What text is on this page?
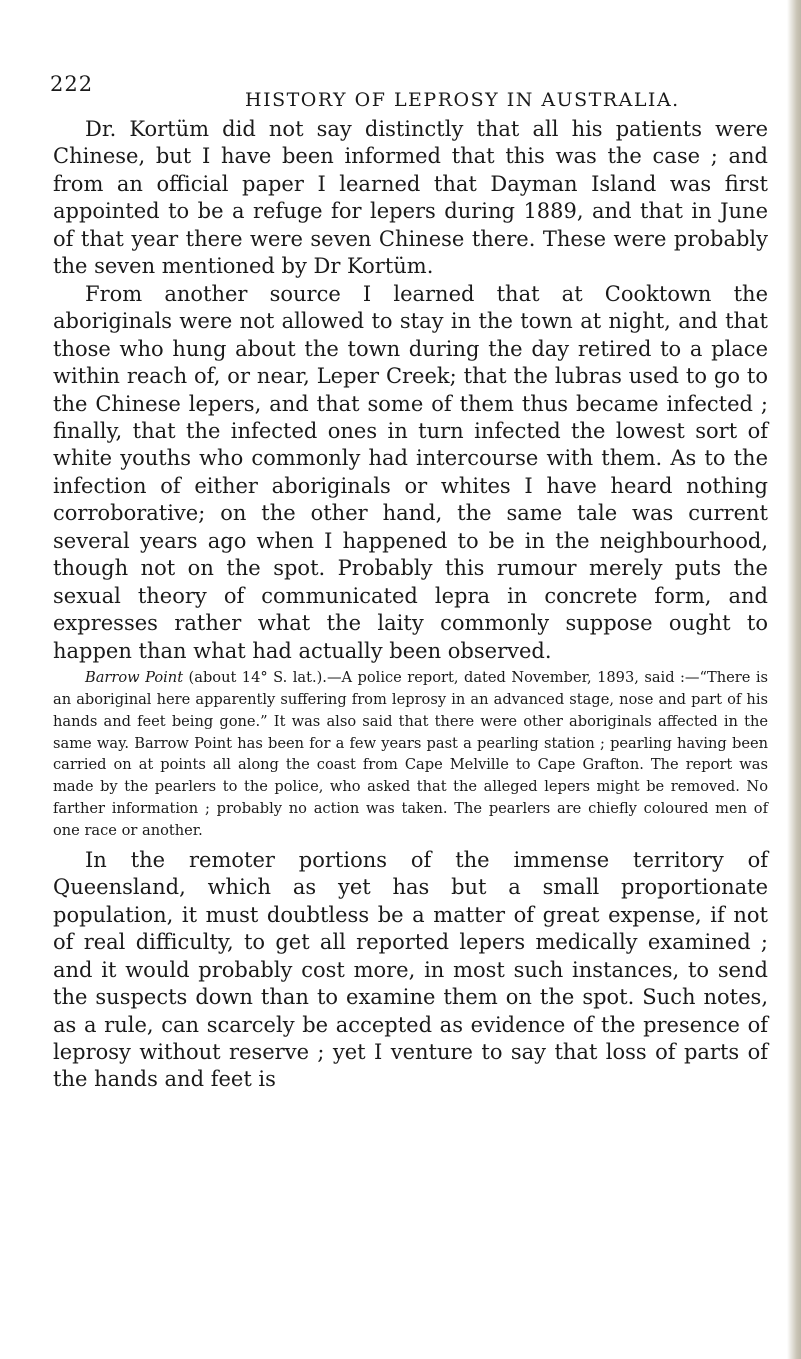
222
HISTORY OF LEPROSY IN AUSTRALIA.

Dr. Kortüm did not say distinctly that all his patients were Chinese, but I have been informed that this was the case ; and from an official paper I learned that Dayman Island was first appointed to be a refuge for lepers during 1889, and that in June of that year there were seven Chinese there. These were probably the seven mentioned by Dr Kortüm.

From another source I learned that at Cooktown the aboriginals were not allowed to stay in the town at night, and that those who hung about the town during the day retired to a place within reach of, or near, Leper Creek; that the lubras used to go to the Chinese lepers, and that some of them thus became infected ; finally, that the infected ones in turn infected the lowest sort of white youths who commonly had intercourse with them. As to the infection of either aboriginals or whites I have heard nothing corroborative; on the other hand, the same tale was current several years ago when I happened to be in the neighbourhood, though not on the spot. Probably this rumour merely puts the sexual theory of communicated lepra in concrete form, and expresses rather what the laity commonly suppose ought to happen than what had actually been observed.

Barrow Point (about 14° S. lat.).—A police report, dated November, 1893, said :—“There is an aboriginal here apparently suffering from leprosy in an advanced stage, nose and part of his hands and feet being gone.” It was also said that there were other aboriginals affected in the same way. Barrow Point has been for a few years past a pearling station ; pearling having been carried on at points all along the coast from Cape Melville to Cape Grafton. The report was made by the pearlers to the police, who asked that the alleged lepers might be removed. No farther information ; probably no action was taken. The pearlers are chiefly coloured men of one race or another.

In the remoter portions of the immense territory of Queensland, which as yet has but a small proportionate population, it must doubtless be a matter of great expense, if not of real difficulty, to get all reported lepers medically examined ; and it would probably cost more, in most such instances, to send the suspects down than to examine them on the spot. Such notes, as a rule, can scarcely be accepted as evidence of the presence of leprosy without reserve ; yet I venture to say that loss of parts of the hands and feet is
